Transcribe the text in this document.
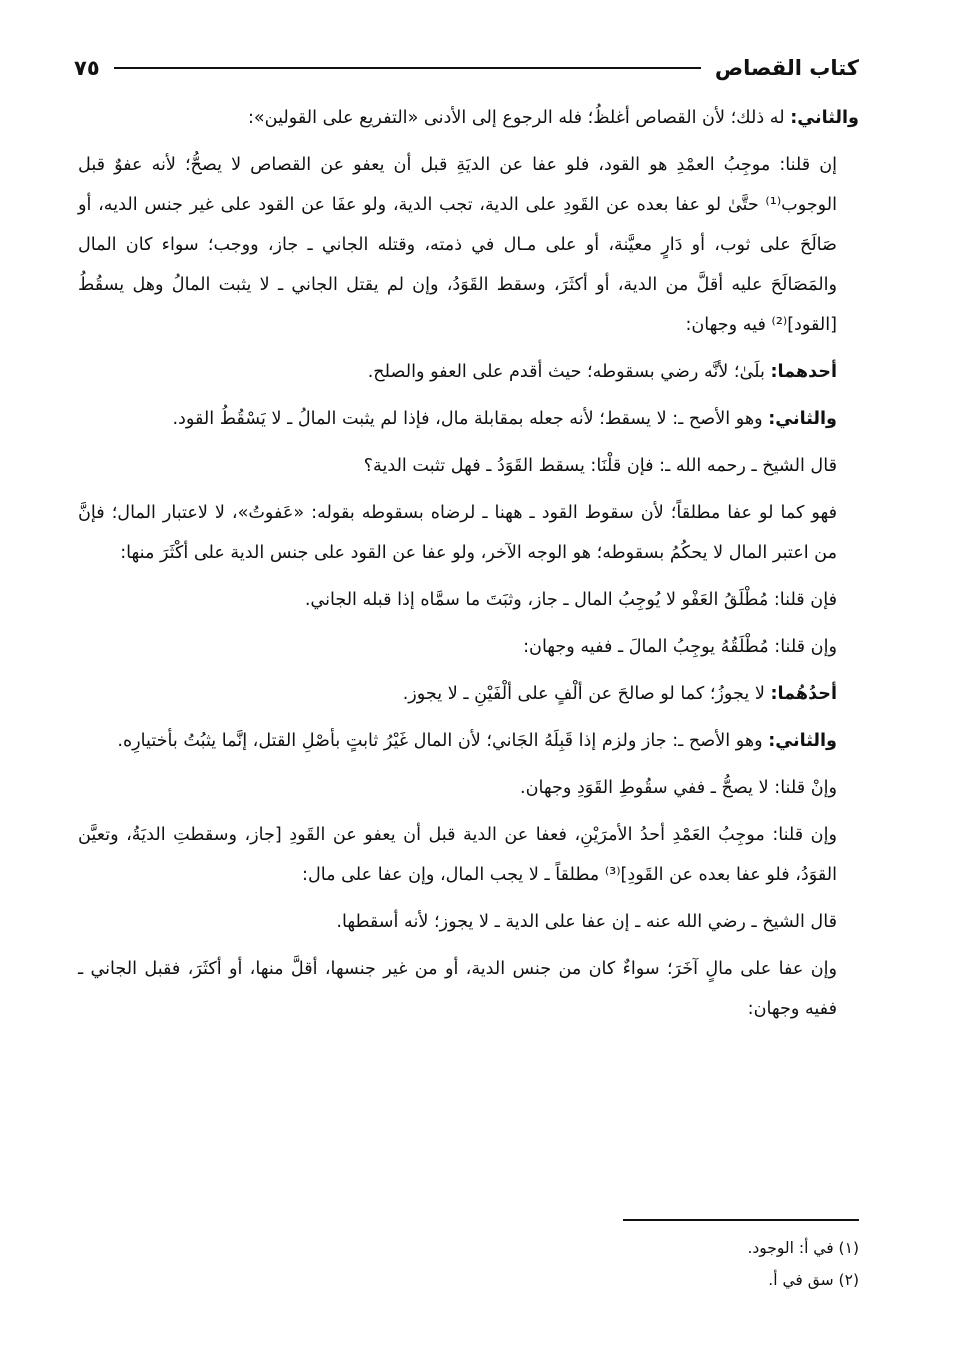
كتاب القصاص
٧٥

والثاني: له ذلك؛ لأن القصاص أغلظُ؛ فله الرجوع إلى الأدنى «التفريع على القولين»:

إن قلنا: موجِبُ العمْدِ هو القود، فلو عفا عن الديَةِ قبل أن يعفو عن القصاص لا يصحُّ؛ لأنه عفوٌ قبل الوجوب⁽¹⁾ حتَّىٰ لو عفا بعده عن القَودِ على الدية، تجب الدية، ولو عفَا عن القود على غير جنس الديه، أو صَالَحَ على ثوب، أو دَارٍ معيَّنة، أو على مـال في ذمته، وقتله الجاني ـ جاز، ووجب؛ سواء كان المال والمَصَالَحَ عليه أقلَّ من الدية، أو أكثَرَ، وسقط القَوَدُ، وإن لم يقتل الجاني ـ لا يثبت المالُ وهل يسقُطُ [القود]⁽²⁾ فيه وجهان:

أحدهما: بلَىٰ؛ لأنَّه رضي بسقوطه؛ حيث أقدم على العفو والصلح.

والثاني: وهو الأصح ـ: لا يسقط؛ لأنه جعله بمقابلة مال، فإذا لم يثبت المالُ ـ لا يَسْقُطُ القود.

قال الشيخ ـ رحمه الله ـ: فإن قلْنَا: يسقط القَوَدُ ـ فهل تثبت الدية؟

فهو كما لو عفا مطلقاً؛ لأن سقوط القود ـ ههنا ـ لرضاه بسقوطه بقوله: «عَفوتُ»، لا لاعتبار المال؛ فإنَّ من اعتبر المال لا يحكُمُ بسقوطه؛ هو الوجه الآخر، ولو عفا عن القود على جنس الدية على أكْثَرَ منها:

فإن قلنا: مُطْلَقُ العَفْو لا يُوجِبُ المال ـ جاز، وثبَتَ ما سمَّاه إذا قبله الجاني.

وإن قلنا: مُطْلَقُهُ يوجِبُ المالَ ـ ففيه وجهان:

أحدُهُما: لا يجوزُ؛ كما لو صالحَ عن ألْفٍ على ألْفَيْنِ ـ لا يجوز.

والثاني: وهو الأصح ـ: جاز ولزم إذا قَبِلَهُ الجَاني؛ لأن المال غَيْرُ ثابتٍ بأصْلِ القتل، إنَّما يثبُتُ بأختيارِه.

وإنْ قلنا: لا يصحُّ ـ ففي سقُوطِ القَوَدِ وجهان.

وإن قلنا: موجِبُ العَمْدِ أحدُ الأمرَيْنِ، فعفا عن الدية قبل أن يعفو عن القَودِ [جاز، وسقطتِ الديَةُ، وتعيَّن القوَدُ، فلو عفا بعده عن القَودِ]⁽³⁾ مطلقاً ـ لا يجب المال، وإن عفا على مال:

قال الشيخ ـ رضي الله عنه ـ إن عفا على الدية ـ لا يجوز؛ لأنه أسقطها.

وإن عفا على مالٍ آخَرَ؛ سواءٌ كان من جنس الدية، أو من غير جنسها، أقلَّ منها، أو أكثَرَ، فقبل الجاني ـ ففيه وجهان:

(١) في أ: الوجود.
(٢) سق في أ.
